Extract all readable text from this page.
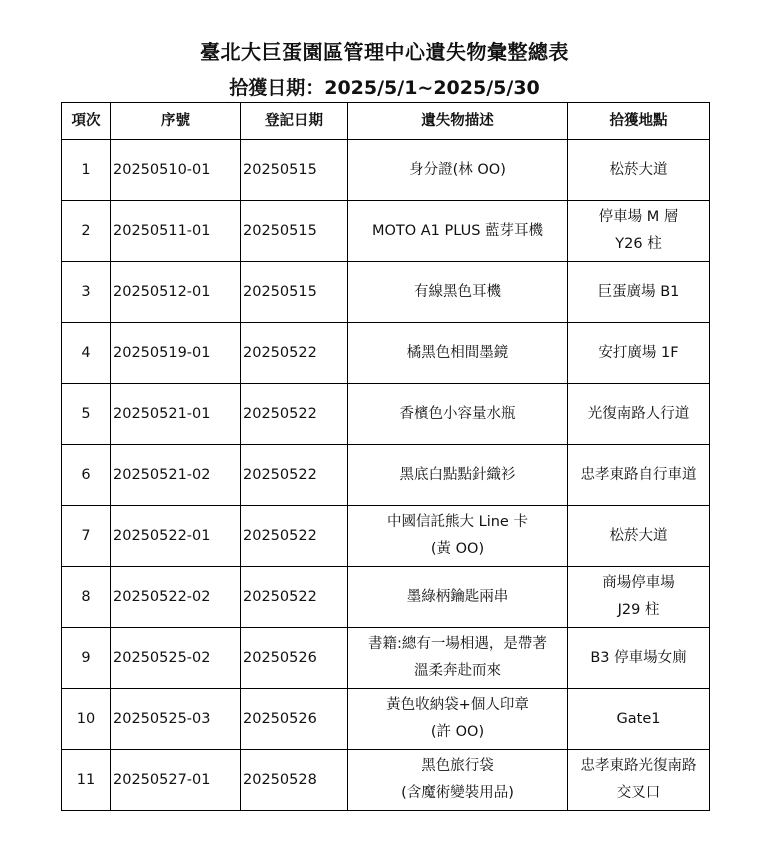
臺北大巨蛋園區管理中心遺失物彙整總表
拾獲日期：2025/5/1~2025/5/30
項次	序號	登記日期	遺失物描述	拾獲地點
1	20250510-01	20250515	身分證(林 OO)	松菸大道

2	20250511-01	20250515	MOTO A1 PLUS 藍芽耳機	停車場 M 層
Y26 柱

3	20250512-01	20250515	有線黑色耳機	巨蛋廣場 B1

4	20250519-01	20250522	橘黑色相間墨鏡	安打廣場 1F

5	20250521-01	20250522	香檳色小容量水瓶	光復南路人行道

6	20250521-02	20250522	黑底白點點針織衫	忠孝東路自行車道

7	20250522-01	20250522	中國信託熊大 Line 卡
(黃 OO)	松菸大道

8	20250522-02	20250522	墨綠柄鑰匙兩串	商場停車場
J29 柱

9	20250525-02	20250526	書籍:總有一場相遇，是帶著
溫柔奔赴而來	B3 停車場女廁

10	20250525-03	20250526	黃色收納袋+個人印章
(許 OO)	Gate1

11	20250527-01	20250528	黑色旅行袋
(含魔術變裝用品)	忠孝東路光復南路
交叉口
